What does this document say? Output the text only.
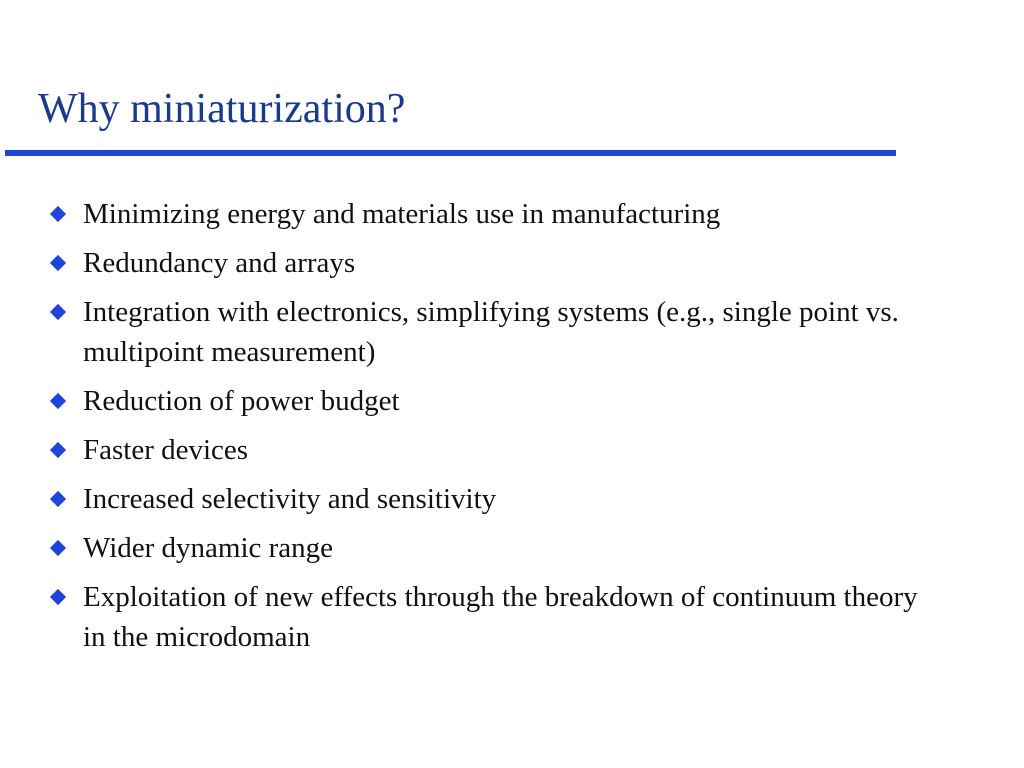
Why miniaturization?
Minimizing energy and materials use in manufacturing
Redundancy and arrays
Integration with electronics, simplifying systems (e.g., single point vs. multipoint measurement)
Reduction of power budget
Faster devices
Increased selectivity and sensitivity
Wider dynamic range
Exploitation of new effects through the breakdown of continuum theory in the microdomain
